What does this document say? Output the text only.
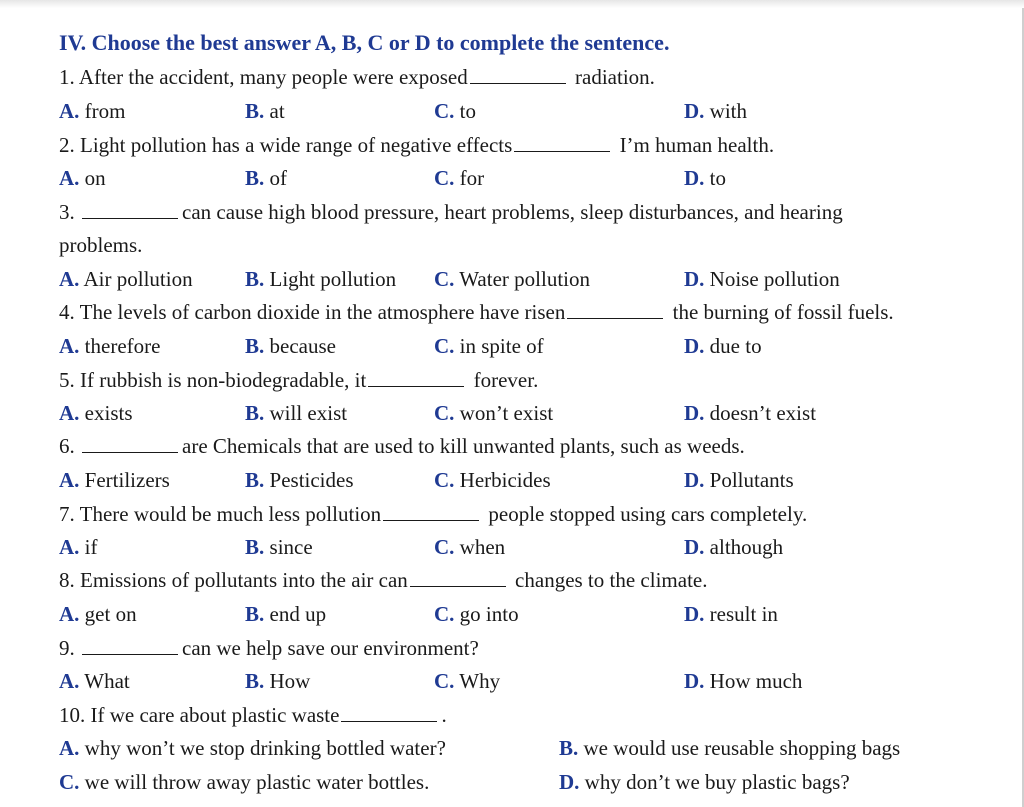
IV. Choose the best answer A, B, C or D to complete the sentence.
1. After the accident, many people were exposed	radiation.
A. from	B. at	C. to	D. with
2. Light pollution has a wide range of negative effects	I’m human health.
A. on	B. of	C. for	D. to
3.	can cause high blood pressure, heart problems, sleep disturbances, and hearing
problems.
A. Air pollution B. Light pollution C. Water pollution	D. Noise pollution
4. The levels of carbon dioxide in the atmosphere have risen	the burning of fossil fuels.
A. therefore	B. because	C. in spite of	D. due to
5. If rubbish is non-biodegradable, it	forever.
A. exists	B. will exist	C. won’t exist	D. doesn’t exist
6.	are Chemicals that are used to kill unwanted plants, such as weeds.
A. Fertilizers	B. Pesticides	C. Herbicides	D. Pollutants
7. There would be much less pollution	people stopped using cars completely.
A. if	B. since	C. when	D. although
8. Emissions of pollutants into the air can	changes to the climate.
A. get on	B. end up	C. go into	D. result in
9.	can we help save our environment?
A. What	B. How	C. Why	D. How much
10. If we care about plastic waste	.
A. why won’t we stop drinking bottled water?	B. we would use reusable shopping bags
C. we will throw away plastic water bottles.	D. why don’t we buy plastic bags?
